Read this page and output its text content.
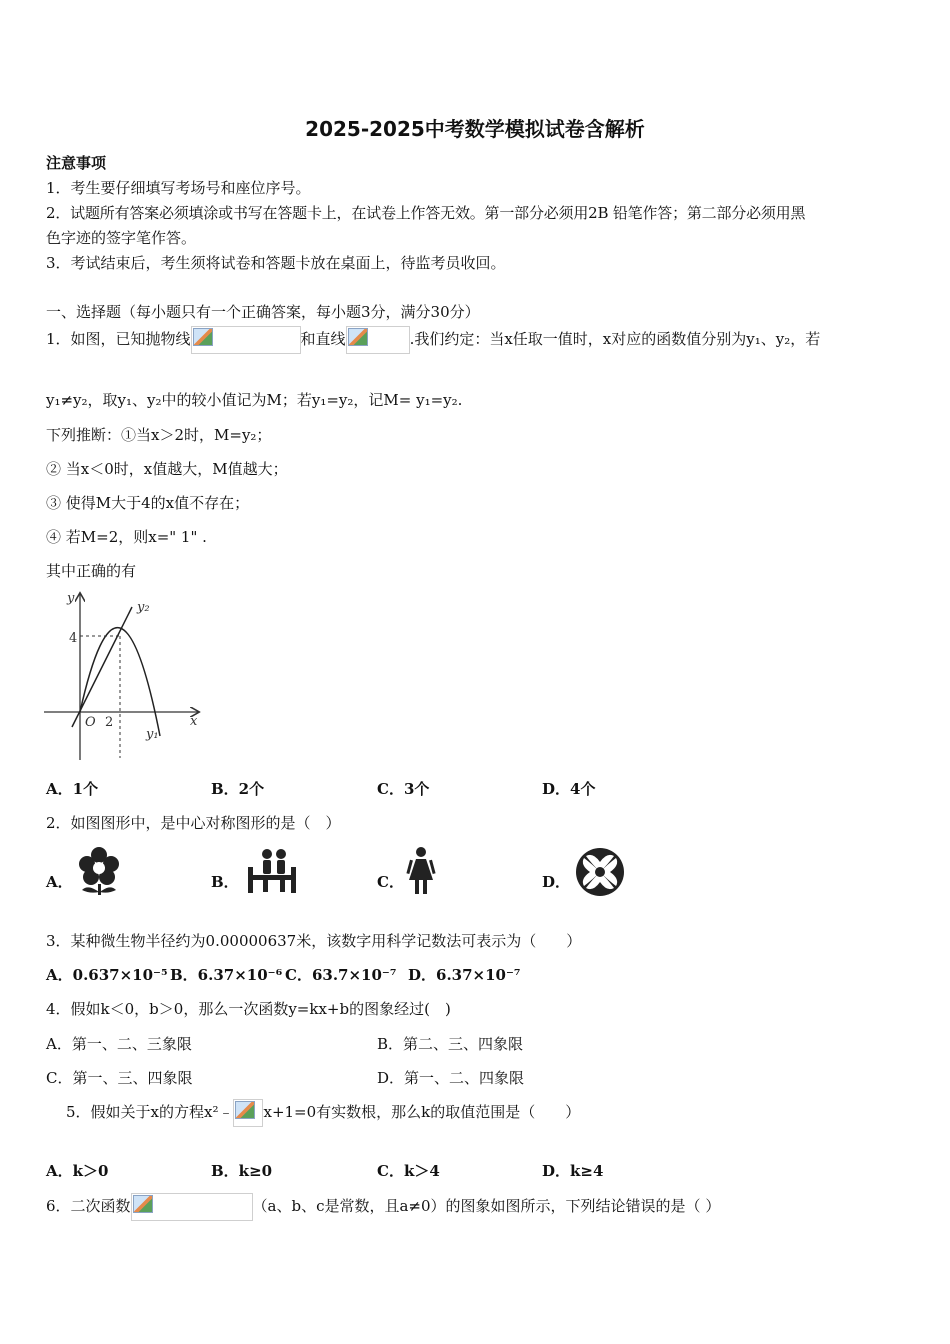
2025-2025中考数学模拟试卷含解析
注意事项
1．考生要仔细填写考场号和座位序号。
2．试题所有答案必须填涂或书写在答题卡上，在试卷上作答无效。第一部分必须用2B 铅笔作答；第二部分必须用黑
色字迹的签字笔作答。
3．考试结束后，考生须将试卷和答题卡放在桌面上，待监考员收回。
一、选择题（每小题只有一个正确答案，每小题3分，满分30分）
1．如图，已知抛物线	和直线	.我们约定：当x任取一值时，x对应的函数值分别为y₁、y₂，若
y₁≠y₂，取y₁、y₂中的较小值记为M；若y₁=y₂，记M= y₁=y₂.
下列推断：①当x＞2时，M=y₂；
② 当x＜0时，x值越大，M值越大；
③ 使得M大于4的x值不存在；
④ 若M=2，则x=" 1" .
其中正确的有
y
x
O 2
4
y₂
y₁
A．1个	B．2个	C．3个	D．4个
2．如图图形中，是中心对称图形的是（　）
A．	B．	C．	D．
3．某种微生物半径约为0.00000637米，该数字用科学记数法可表示为（　　）
A．0.637×10⁻⁵ B．6.37×10⁻⁶ C．63.7×10⁻⁷ D．6.37×10⁻⁷
4．假如k＜0，b＞0，那么一次函数y=kx+b的图象经过(　)
A．第一、二、三象限	B．第二、三、四象限
C．第一、三、四象限	D．第一、二、四象限
5．假如关于x的方程x²﹣ x+1=0有实数根，那么k的取值范围是（　　）
A．k＞0	B．k≥0	C．k＞4	D．k≥4
6．二次函数	（a、b、c是常数，且a≠0）的图象如图所示，下列结论错误的是（ ）
